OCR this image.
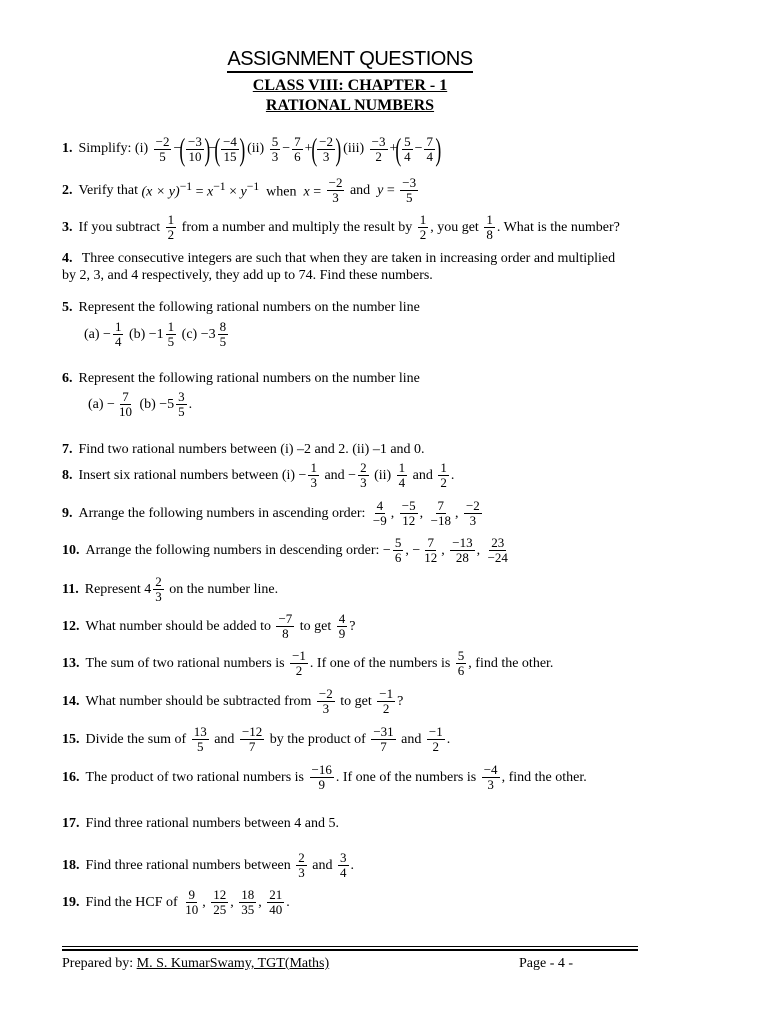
ASSIGNMENT QUESTIONS
CLASS VIII: CHAPTER - 1
RATIONAL NUMBERS
1. Simplify: (i) −2
5 −
( −3
10 )
−
( −4
15 )
(ii) 5
3 − 7
6 +
( −2
3 )
(iii) −3
2 +
( 5
4 − 7
4 )
2. Verify that $(x \times y)^{-1} = x^{-1} \times y^{-1}$  when  $x = \frac{-2}{3}$ and  $y = \frac{-3}{5}$
3. If you subtract
1
2
from a number and multiply the result by
1
2 , you get
1
8 . What is the number?
4. Three consecutive integers are such that when they are taken in increasing order and multiplied by 2, 3, and 4 respectively, they add up to 74. Find these numbers.
5. Represent the following rational numbers on the number line
(a) − 1
4 (b) −1 1
5 (c) −3 8
5
6. Represent the following rational numbers on the number line
(a) − 7
10 (b) −5 3
5 .
7. Find two rational numbers between (i) –2 and 2. (ii) –1 and 0.
8. Insert six rational numbers between (i) − 1
3 and − 2
3 (ii) 1
4 and 1
2 .
9. Arrange the following numbers in ascending order:
4
−9 , −5
12 , 7
−18 , −2
3
10. Arrange the following numbers in descending order: − 5
6 , − 7
12 , −13
28 , 23
−24
11. Represent 4 2
3
on the number line.
12. What number should be added to
−7
8
to get
4
9 ?
13. The sum of two rational numbers is
−1
2 . If one of the numbers is
5
6 , find the other.
14. What number should be subtracted from
−2
3
to get
−1
2 ?
15. Divide the sum of
13
5
and
−12
7
by the product of
−31
7
and
−1
2 .
16. The product of two rational numbers is
−16
9 . If one of the numbers is
−4
3 , find the other.
17. Find three rational numbers between 4 and 5.
18. Find three rational numbers between
2
3
and
3
4 .
19. Find the HCF of
9
10 , 12
25 , 18
35 , 21
40 .
Prepared by: M. S. KumarSwamy, TGT(Maths)	Page - 4 -
